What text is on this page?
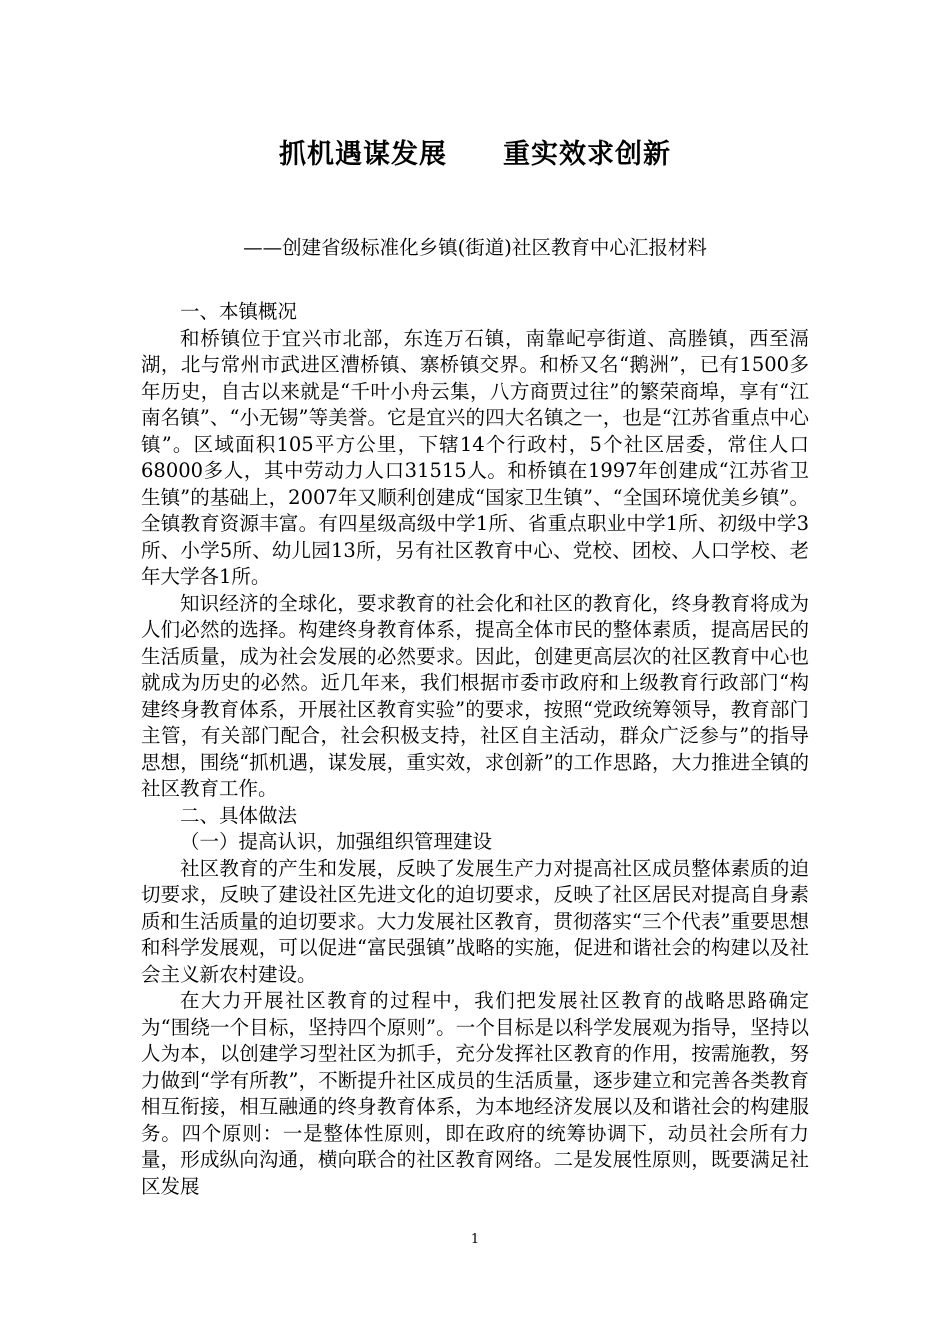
抓机遇谋发展　　重实效求创新
——创建省级标准化乡镇(街道)社区教育中心汇报材料

一、本镇概况

和桥镇位于宜兴市北部，东连万石镇，南靠屺亭街道、高塍镇，西至滆湖，北与常州市武进区漕桥镇、寨桥镇交界。和桥又名“鹅洲”，已有1500多年历史，自古以来就是“千叶小舟云集，八方商贾过往”的繁荣商埠，享有“江南名镇”、“小无锡”等美誉。它是宜兴的四大名镇之一，也是“江苏省重点中心镇”。区域面积105平方公里，下辖14个行政村，5个社区居委，常住人口68000多人，其中劳动力人口31515人。和桥镇在1997年创建成“江苏省卫生镇”的基础上，2007年又顺利创建成“国家卫生镇”、“全国环境优美乡镇”。全镇教育资源丰富。有四星级高级中学1所、省重点职业中学1所、初级中学3所、小学5所、幼儿园13所，另有社区教育中心、党校、团校、人口学校、老年大学各1所。

知识经济的全球化，要求教育的社会化和社区的教育化，终身教育将成为人们必然的选择。构建终身教育体系，提高全体市民的整体素质，提高居民的生活质量，成为社会发展的必然要求。因此，创建更高层次的社区教育中心也就成为历史的必然。近几年来，我们根据市委市政府和上级教育行政部门“构建终身教育体系，开展社区教育实验”的要求，按照“党政统筹领导，教育部门主管，有关部门配合，社会积极支持，社区自主活动，群众广泛参与”的指导思想，围绕“抓机遇，谋发展，重实效，求创新”的工作思路，大力推进全镇的社区教育工作。

二、具体做法

（一）提高认识，加强组织管理建设

社区教育的产生和发展，反映了发展生产力对提高社区成员整体素质的迫切要求，反映了建设社区先进文化的迫切要求，反映了社区居民对提高自身素质和生活质量的迫切要求。大力发展社区教育，贯彻落实“三个代表”重要思想和科学发展观，可以促进“富民强镇”战略的实施，促进和谐社会的构建以及社会主义新农村建设。

在大力开展社区教育的过程中，我们把发展社区教育的战略思路确定为“围绕一个目标，坚持四个原则”。一个目标是以科学发展观为指导，坚持以人为本，以创建学习型社区为抓手，充分发挥社区教育的作用，按需施教，努力做到“学有所教”，不断提升社区成员的生活质量，逐步建立和完善各类教育相互衔接，相互融通的终身教育体系，为本地经济发展以及和谐社会的构建服务。四个原则：一是整体性原则，即在政府的统筹协调下，动员社会所有力量，形成纵向沟通，横向联合的社区教育网络。二是发展性原则，既要满足社区发展

1
